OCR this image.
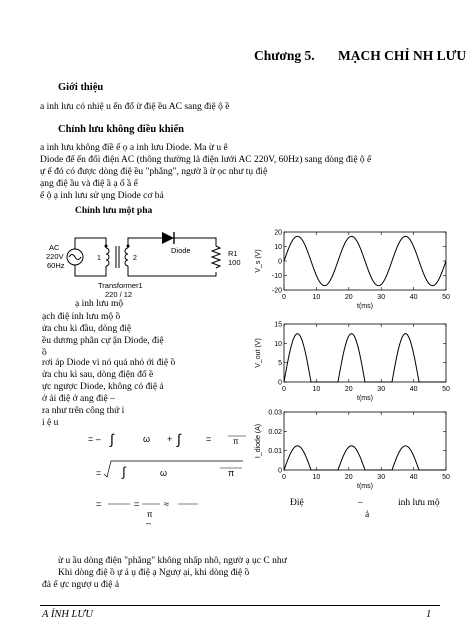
Chương 5. MẠCH CHỈ NH LƯU
Giới thiệu
a inh lưu có nhiệ u ến đổ ừ điệ ều AC sang điệ ộ ề
Chỉnh lưu không điều khiển
a inh lưu không điề ể ọ a inh lưu Diode. Ma ừ u ê
Diode để ến đổi điện AC (thông thường là điện lưới AC 220V, 60Hz) sang dòng điệ ộ ể
ự ể đó có được dòng điệ ều "phẳng", ngườ ầ ừ ọc như tụ điệ
ạng điệ ầu và điệ ầ ạ ố ầ ể
ể ộ ạ inh lưu sử ụng Diode cơ bả
Chỉnh lưu một pha
AC
220V
60Hz
1	2
Diode	R1
100
Transformer1
220 / 12
ạ inh lưu mộ
ạch điệ ính lưu mộ ồ
ửa chu kì đầu, dòng điệ
ều dương phân cự ận Diode, điệ
ồ
rơi áp Diode vì nó quá nhỏ ới điệ ồ
ửa chu kì sau, dòng điện đổ ề
ực ngược Diode, không có điệ ả
ở ải điệ ở ang điệ –
ra như trên công thứ i
i ệ u
= – ∫	ω + ∫	=	π
= ∫	ω	π
=	=
π
≈
–
0	10	20	30	40	50
-20
-10
0
10
20
t(ms)
V_s (V)
0	10	20	30	40	50
0
5
10
15
t(ms)
V_out (V)
0	10	20	30	40	50
0
0.01
0.02
0.03
t(ms)
I_diode (A)
Điệ	–	inh lưu mộ
ả
ừ u ầu dòng điện "phẳng" không nhấp nhô, ngườ ạ ục C như
Khi dòng điệ ồ ự ả ụ điệ ạ Ngượ ại, khi dòng điệ ồ
đả ể ực ngượ u điệ ả
A ỈNH LƯU	1
